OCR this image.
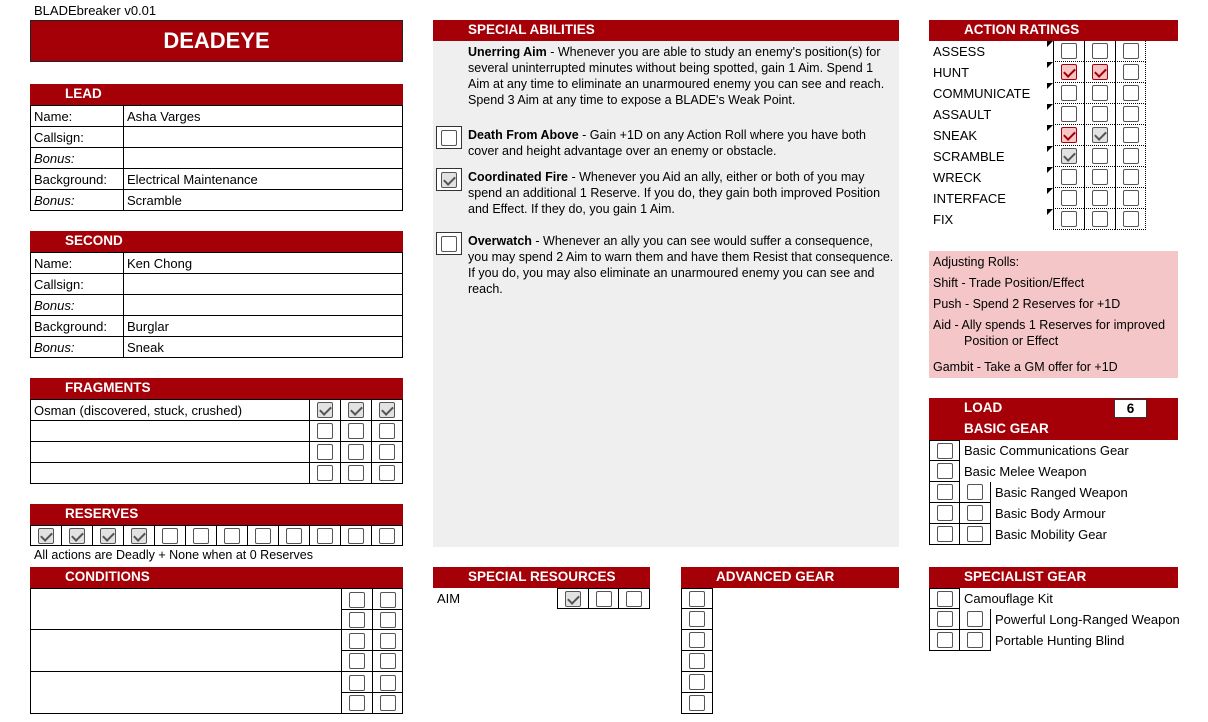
BLADEbreaker v0.01
DEADEYE
LEAD
Name:	Asha Varges
Callsign:	
Bonus:	
Background:	Electrical Maintenance
Bonus:	Scramble
SECOND
Name:	Ken Chong
Callsign:	
Bonus:	
Background:	Burglar
Bonus:	Sneak
FRAGMENTS
Osman (discovered, stuck, crushed)			

RESERVES
All actions are Deadly + None when at 0 Reserves
CONDITIONS
SPECIAL ABILITIES
Unerring Aim - Whenever you are able to study an enemy's position(s) for several uninterrupted minutes without being spotted, gain 1 Aim. Spend 1 Aim at any time to eliminate an unarmoured enemy you can see and reach. Spend 3 Aim at any time to expose a BLADE's Weak Point.
Death From Above - Gain +1D on any Action Roll where you have both cover and height advantage over an enemy or obstacle.
Coordinated Fire - Whenever you Aid an ally, either or both of you may spend an additional 1 Reserve. If you do, they gain both improved Position and Effect. If they do, you gain 1 Aim.
Overwatch - Whenever an ally you can see would suffer a consequence, you may spend 2 Aim to warn them and have them Resist that consequence. If you do, you may also eliminate an unarmoured enemy you can see and reach.
SPECIAL RESOURCES
AIM
ADVANCED GEAR
ACTION RATINGS
ASSESS
HUNT
COMMUNICATE
ASSAULT
SNEAK
SCRAMBLE
WRECK
INTERFACE
FIX
Adjusting Rolls:
Shift - Trade Position/Effect
Push - Spend 2 Reserves for +1D
Aid - Ally spends 1 Reserves for improved
Position or Effect
Gambit - Take a GM offer for +1D
LOAD
BASIC GEAR
6
Basic Communications Gear
Basic Melee Weapon
Basic Ranged Weapon
Basic Body Armour
Basic Mobility Gear
SPECIALIST GEAR
Camouflage Kit
Powerful Long-Ranged Weapon
Portable Hunting Blind
